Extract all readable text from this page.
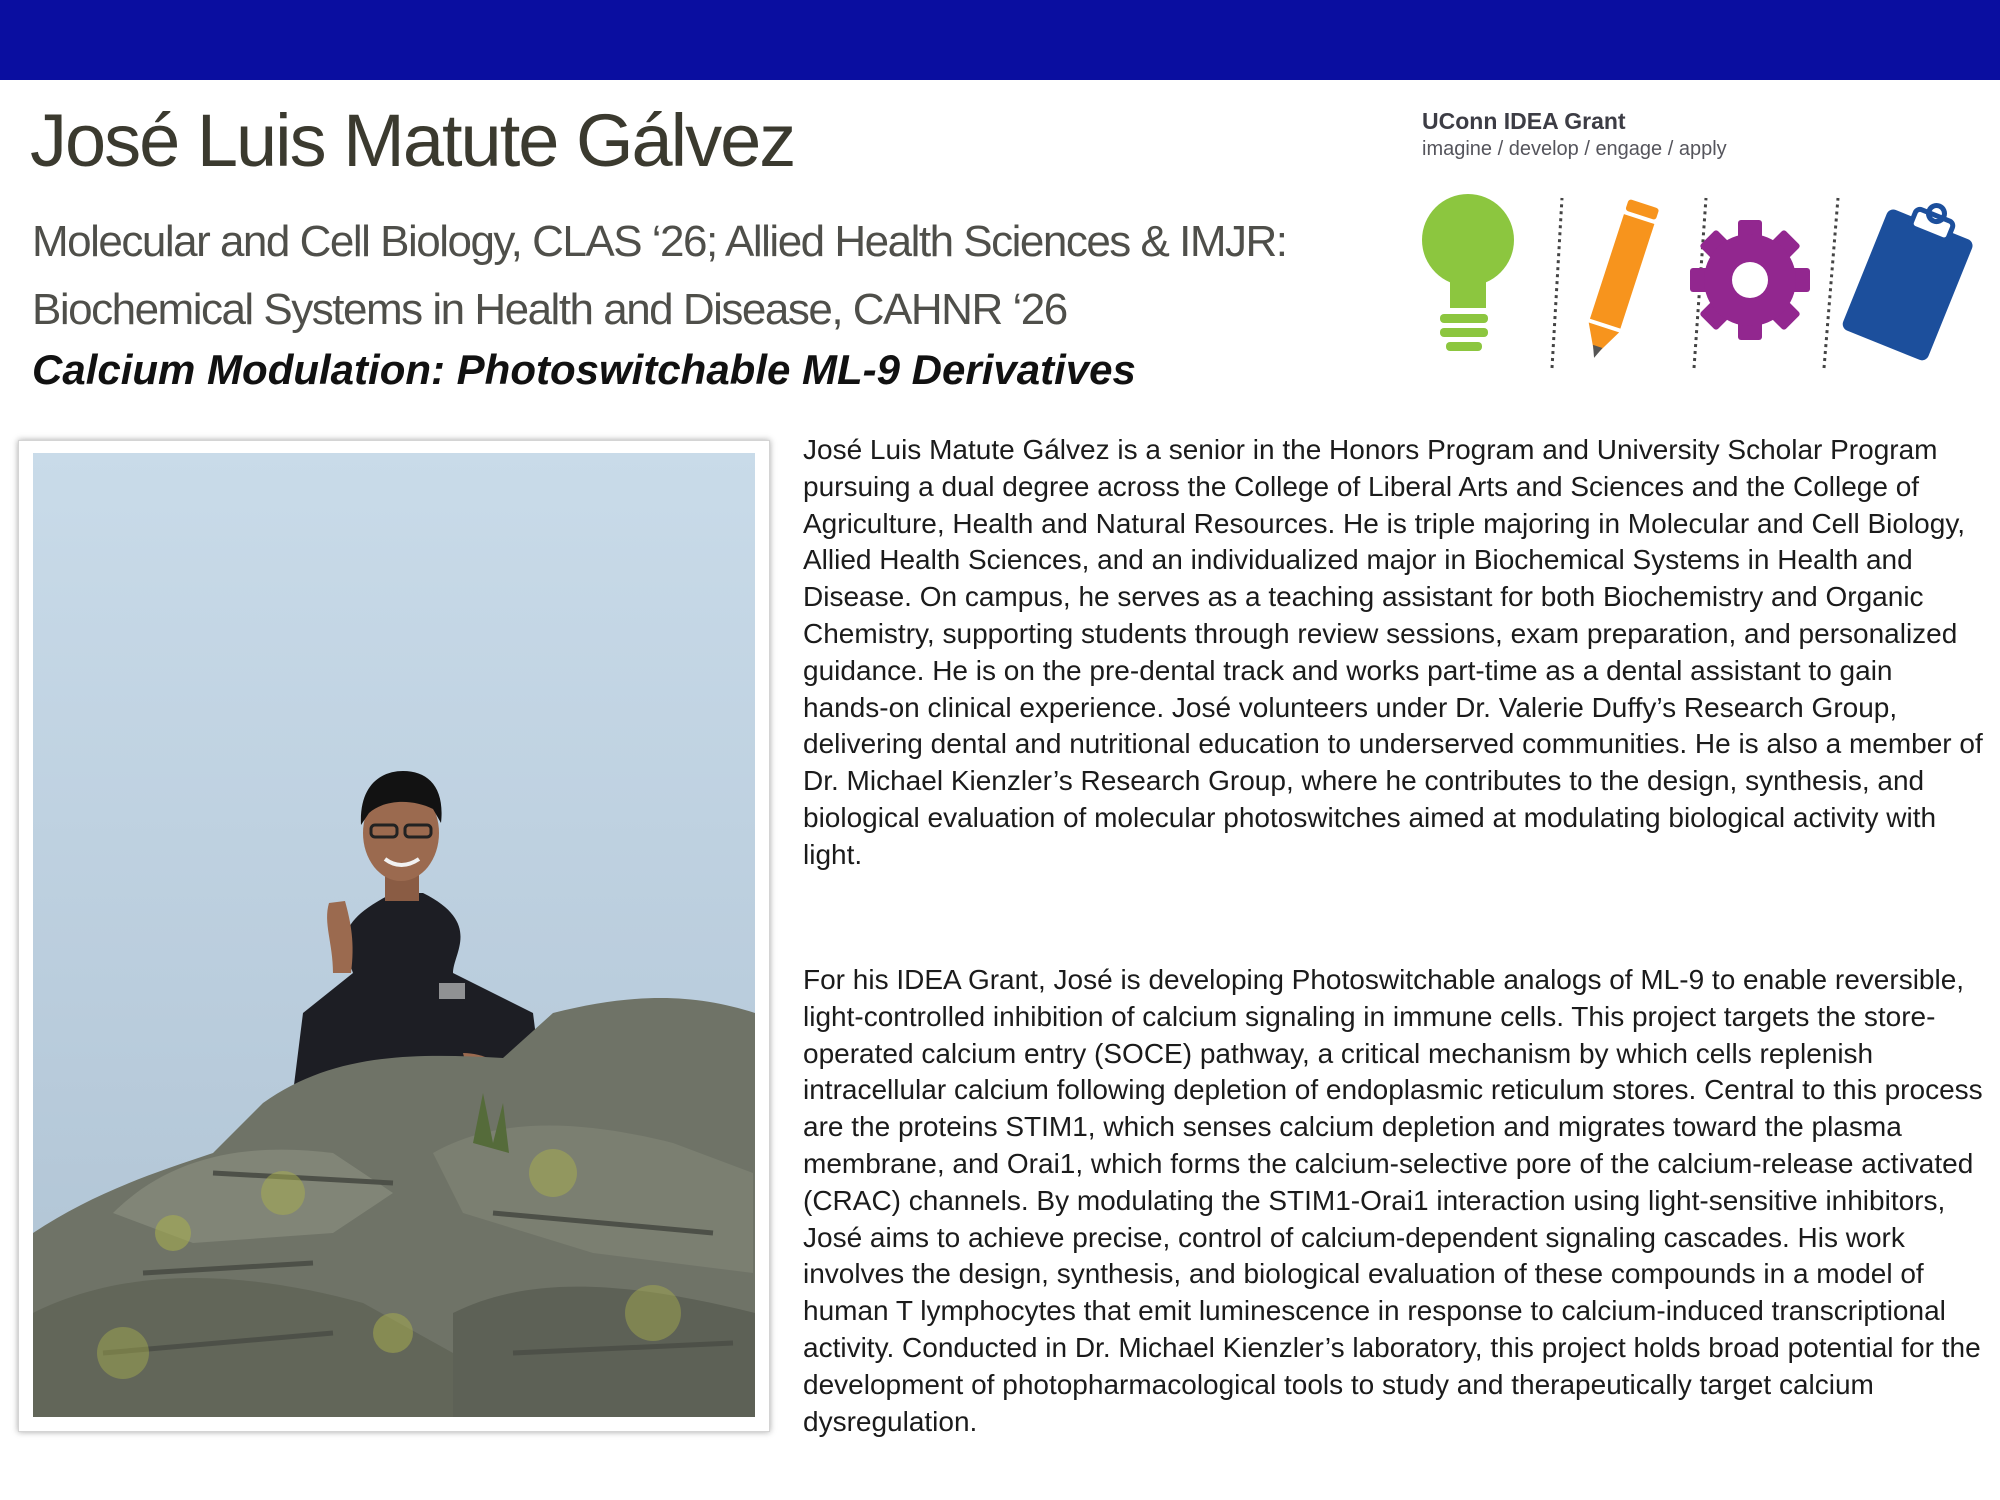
José Luis Matute Gálvez

Molecular and Cell Biology, CLAS ‘26; Allied Health Sciences & IMJR: Biochemical Systems in Health and Disease, CAHNR ‘26

Calcium Modulation: Photoswitchable ML-9 Derivatives
UConn IDEA Grant
imagine / develop / engage / apply

José Luis Matute Gálvez is a senior in the Honors Program and University Scholar Program pursuing a dual degree across the College of Liberal Arts and Sciences and the College of Agriculture, Health and Natural Resources. He is triple majoring in Molecular and Cell Biology, Allied Health Sciences, and an individualized major in Biochemical Systems in Health and Disease. On campus, he serves as a teaching assistant for both Biochemistry and Organic Chemistry, supporting students through review sessions, exam preparation, and personalized guidance. He is on the pre-dental track and works part-time as a dental assistant to gain hands-on clinical experience. José volunteers under Dr. Valerie Duffy’s Research Group, delivering dental and nutritional education to underserved communities. He is also a member of Dr. Michael Kienzler’s Research Group, where he contributes to the design, synthesis, and biological evaluation of molecular photoswitches aimed at modulating biological activity with light.

For his IDEA Grant, José is developing Photoswitchable analogs of ML-9 to enable reversible, light-controlled inhibition of calcium signaling in immune cells. This project targets the store-operated calcium entry (SOCE) pathway, a critical mechanism by which cells replenish intracellular calcium following depletion of endoplasmic reticulum stores. Central to this process are the proteins STIM1, which senses calcium depletion and migrates toward the plasma membrane, and Orai1, which forms the calcium-selective pore of the calcium-release activated (CRAC) channels. By modulating the STIM1-Orai1 interaction using light-sensitive inhibitors, José aims to achieve precise, control of calcium-dependent signaling cascades. His work involves the design, synthesis, and biological evaluation of these compounds in a model of human T lymphocytes that emit luminescence in response to calcium-induced transcriptional activity. Conducted in Dr. Michael Kienzler’s laboratory, this project holds broad potential for the development of photopharmacological tools to study and therapeutically target calcium dysregulation.
